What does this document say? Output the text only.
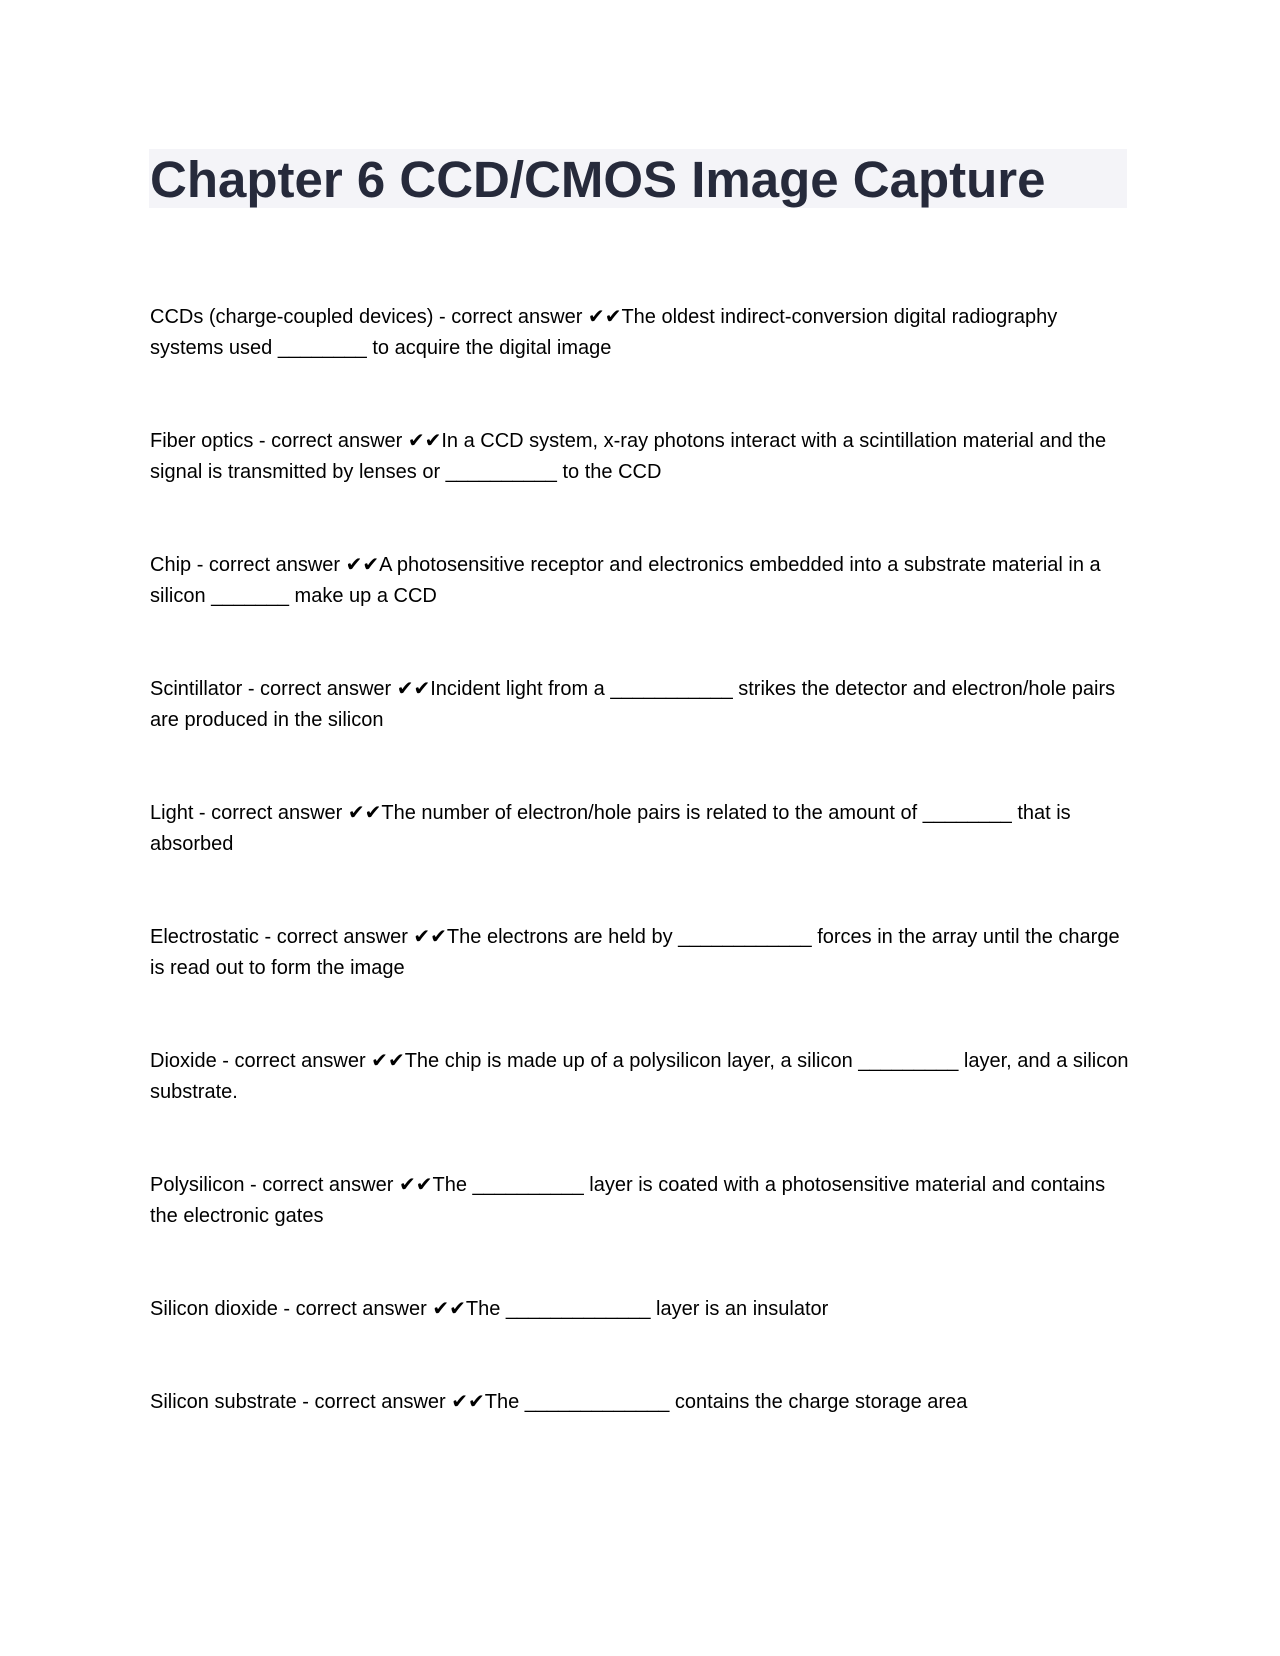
Chapter 6 CCD/CMOS Image Capture
CCDs (charge-coupled devices) - correct answer ✔✔The oldest indirect-conversion digital radiography systems used ________ to acquire the digital image
Fiber optics - correct answer ✔✔In a CCD system, x-ray photons interact with a scintillation material and the signal is transmitted by lenses or __________ to the CCD
Chip - correct answer ✔✔A photosensitive receptor and electronics embedded into a substrate material in a silicon _______ make up a CCD
Scintillator - correct answer ✔✔Incident light from a ___________ strikes the detector and electron/hole pairs are produced in the silicon
Light - correct answer ✔✔The number of electron/hole pairs is related to the amount of ________ that is absorbed
Electrostatic - correct answer ✔✔The electrons are held by ____________ forces in the array until the charge is read out to form the image
Dioxide - correct answer ✔✔The chip is made up of a polysilicon layer, a silicon _________ layer, and a silicon substrate.
Polysilicon - correct answer ✔✔The __________ layer is coated with a photosensitive material and contains the electronic gates
Silicon dioxide - correct answer ✔✔The _____________ layer is an insulator
Silicon substrate - correct answer ✔✔The _____________ contains the charge storage area
